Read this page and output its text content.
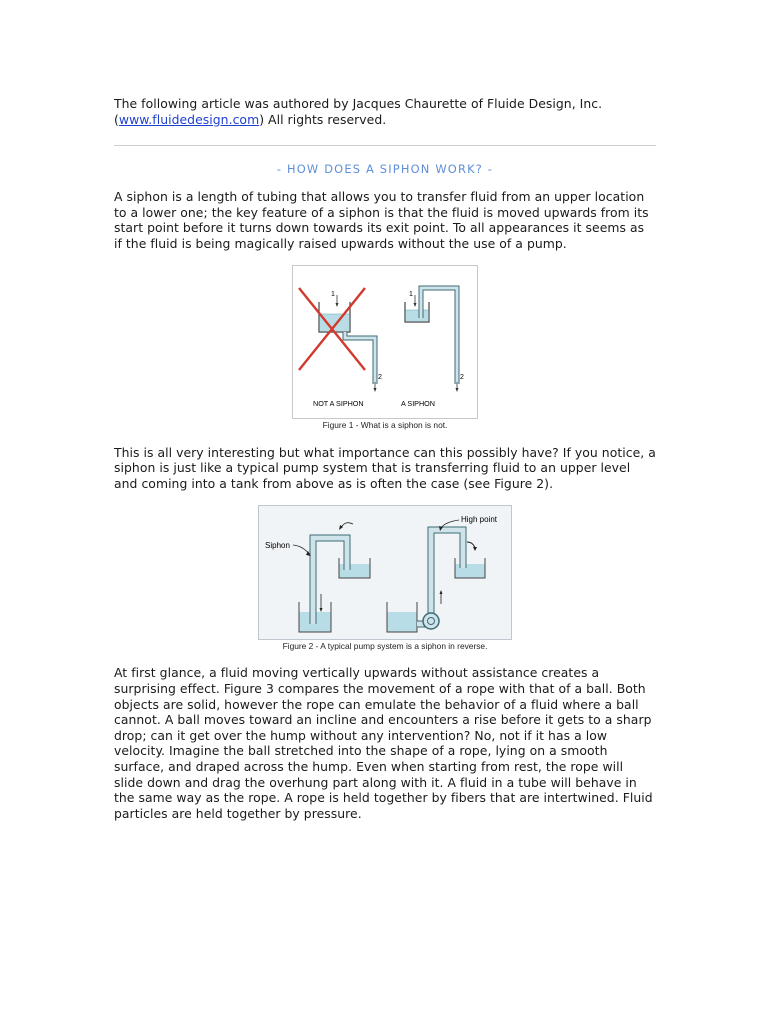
The following article was authored by Jacques Chaurette of Fluide Design, Inc.
(www.fluidedesign.com) All rights reserved.

- HOW DOES A SIPHON WORK? -

A siphon is a length of tubing that allows you to transfer fluid from an upper location to a lower one; the key feature of a siphon is that the fluid is moved upwards from its start point before it turns down towards its exit point. To all appearances it seems as if the fluid is being magically raised upwards without the use of a pump.

1
2
NOT A SIPHON
1
2
A SIPHON
Figure 1 - What is a siphon is not.

This is all very interesting but what importance can this possibly have? If you notice, a siphon is just like a typical pump system that is transferring fluid to an upper level and coming into a tank from above as is often the case (see Figure 2).

Siphon
High point
Figure 2 - A typical pump system is a siphon in reverse.

At first glance, a fluid moving vertically upwards without assistance creates a surprising effect. Figure 3 compares the movement of a rope with that of a ball. Both objects are solid, however the rope can emulate the behavior of a fluid where a ball cannot. A ball moves toward an incline and encounters a rise before it gets to a sharp drop; can it get over the hump without any intervention? No, not if it has a low velocity. Imagine the ball stretched into the shape of a rope, lying on a smooth surface, and draped across the hump. Even when starting from rest, the rope will slide down and drag the overhung part along with it. A fluid in a tube will behave in the same way as the rope. A rope is held together by fibers that are intertwined. Fluid particles are held together by pressure.
